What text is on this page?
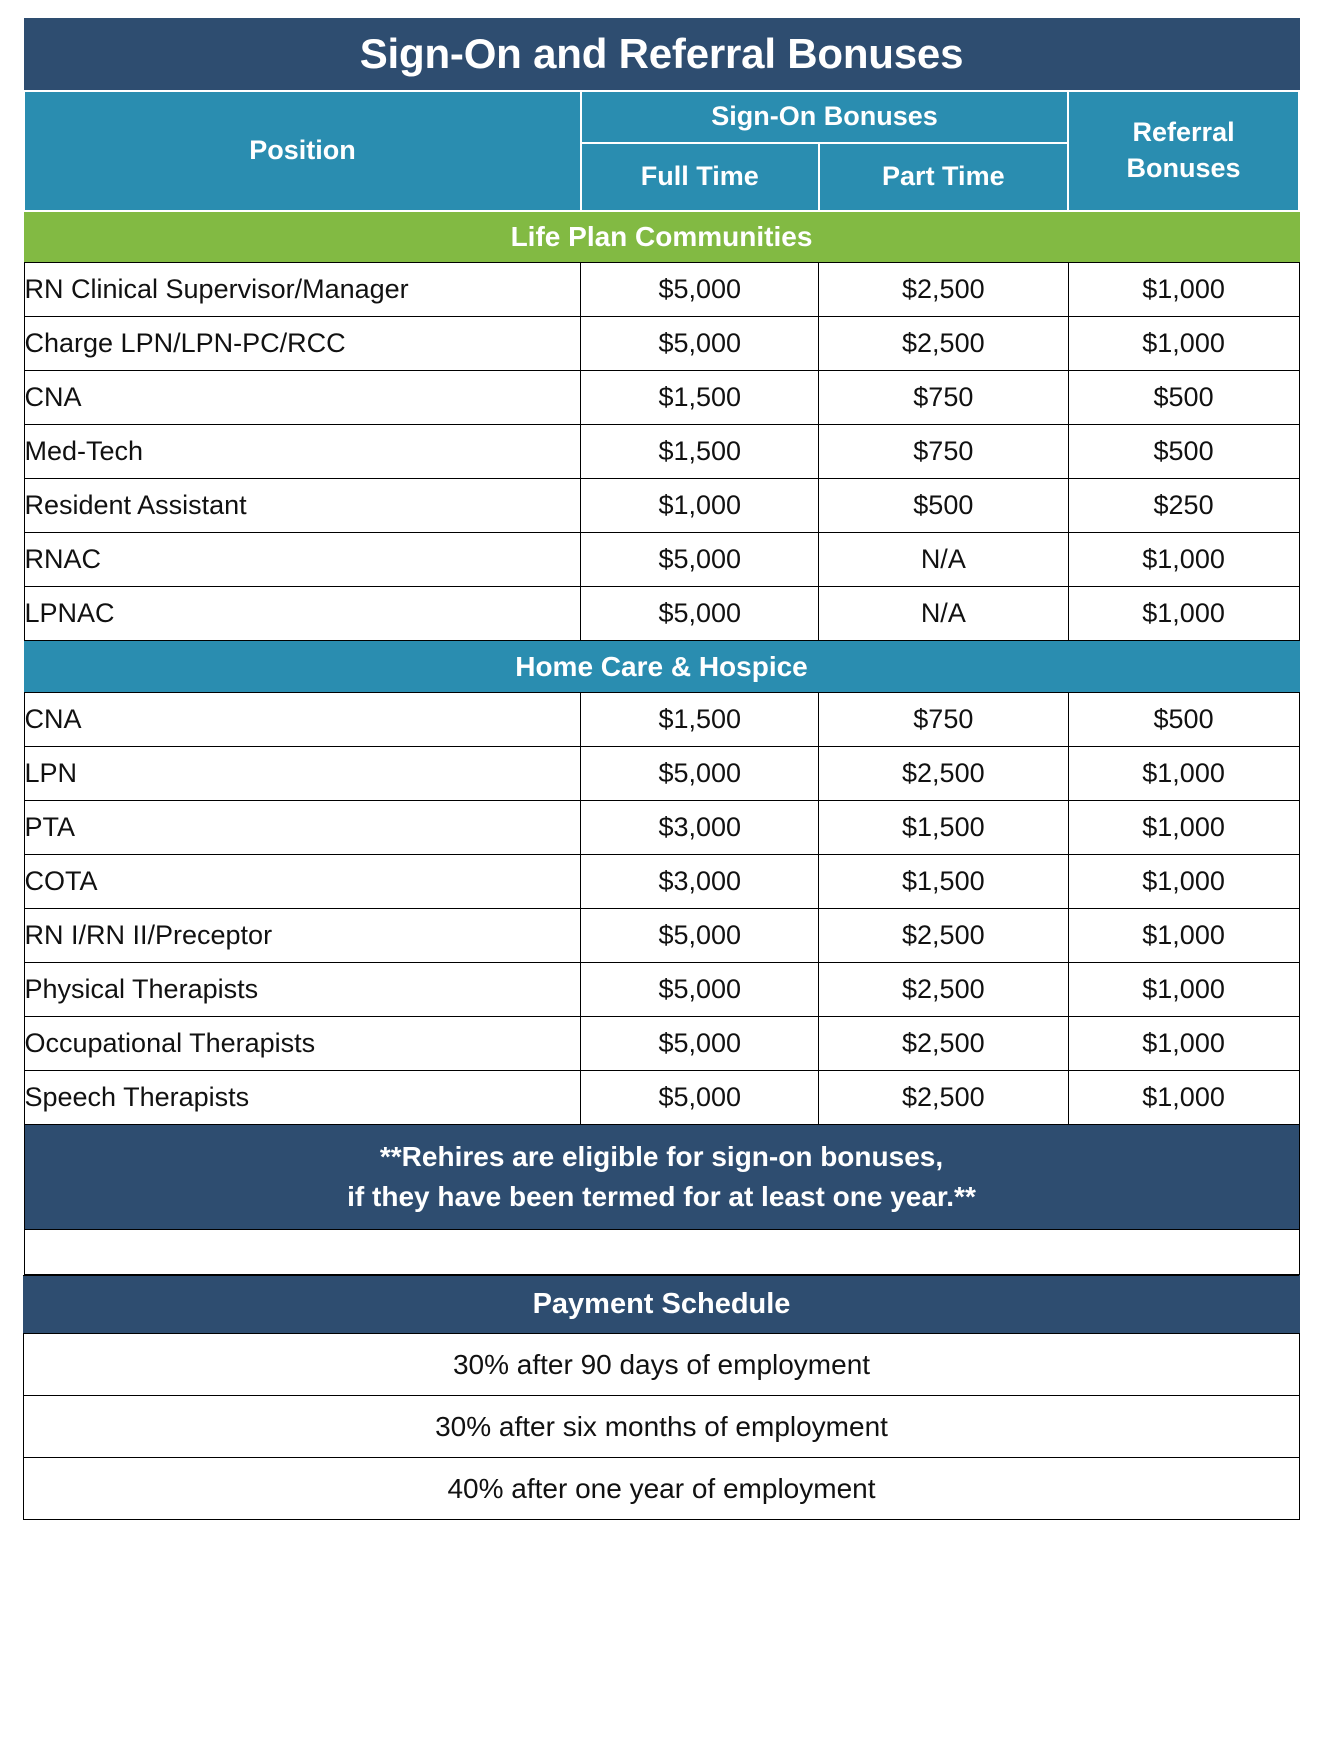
Sign-On and Referral Bonuses			
Position	Sign-On Bonuses		Referral
Bonuses
	Full Time	Part Time	
Life Plan Communities			
RN Clinical Supervisor/Manager	$5,000	$2,500	$1,000
Charge LPN/LPN-PC/RCC	$5,000	$2,500	$1,000
CNA	$1,500	$750	$500
Med-Tech	$1,500	$750	$500
Resident Assistant	$1,000	$500	$250
RNAC	$5,000	N/A	$1,000
LPNAC	$5,000	N/A	$1,000
Home Care & Hospice			
CNA	$1,500	$750	$500
LPN	$5,000	$2,500	$1,000
PTA	$3,000	$1,500	$1,000
COTA	$3,000	$1,500	$1,000
RN I/RN II/Preceptor	$5,000	$2,500	$1,000
Physical Therapists	$5,000	$2,500	$1,000
Occupational Therapists	$5,000	$2,500	$1,000
Speech Therapists	$5,000	$2,500	$1,000

**Rehires are eligible for sign-on bonuses,
if they have been termed for at least one year.**			

Payment Schedule
30% after 90 days of employment
30% after six months of employment
40% after one year of employment
